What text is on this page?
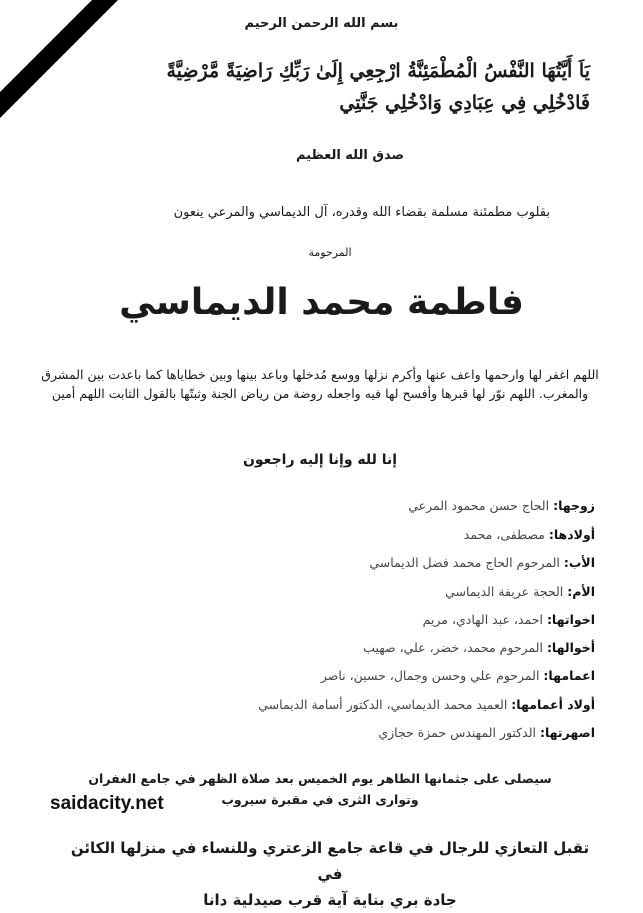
بسم الله الرحمن الرحيم
يَاَ أَيَّتُهَا النَّفْسُ الْمُطْمَئِنَّةُ ارْجِعِي إِلَىٰ رَبِّكِ رَاضِيَةً مَّرْضِيَّةً
فَادْخُلِي فِي عِبَادِي وَادْخُلِي جَنَّتِي
صدق الله العظيم
بقلوب مطمئنة مسلمة بقضاء الله وقدره، آل الديماسي والمرعي ينعون
المرحومة
فاطمة محمد الديماسي
اللهم اغفر لها وارحمها واعف عنها وأكرم نزلها ووسع مُدخلها وباعد بينها وبين خطاياها كما باعدت بين المشرق والمغرب. اللهم نوّر لها قبرها وأفسح لها فيه واجعله روضة من رياض الجنة وثبتّها بالقول الثابت اللهم أمين
إنا لله وإنا إليه راجعون
زوجها: الحاج حسن محمود المرعي
أولادها: مصطفى، محمد
الأب: المرحوم الحاج محمد فضل الديماسي
الأم: الحجة عريفة الديماسي
اخواتها: احمد، عبد الهادي، مريم
أخوالها: المرحوم محمد، خضر، علي، صهيب
اعمامها: المرحوم علي وحسن وجمال، حسين، ناصر
أولاد أعمامها: العميد محمد الديماسي، الدكتور أسامة الديماسي
اصهرتها: الدكتور المهندس حمزة حجازي
سيصلى على جثمانها الطاهر يوم الخميس بعد صلاة الظهر في جامع الغفران
وتوارى الثرى في مقبرة سيروب
saidacity.net
تقبل التعازي للرجال في قاعة جامع الزعتري وللنساء في منزلها الكائن في
جادة بري بناية آية قرب صيدلية دانا
